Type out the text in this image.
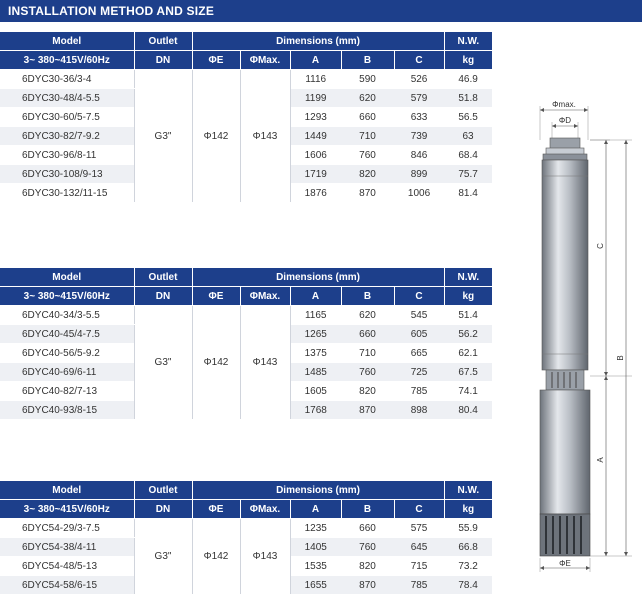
INSTALLATION METHOD AND SIZE
Model	Outlet	Dimensions (mm)					N.W.
3~ 380~415V/60Hz	DN	ΦE	ΦMax.	A	B	C	kg
6DYC30-36/3-4	G3"	Φ142	Φ143	1116	590	526	46.9
6DYC30-48/4-5.5				1199	620	579	51.8
6DYC30-60/5-7.5				1293	660	633	56.5
6DYC30-82/7-9.2				1449	710	739	63
6DYC30-96/8-11				1606	760	846	68.4
6DYC30-108/9-13				1719	820	899	75.7
6DYC30-132/11-15				1876	870	1006	81.4
Model	Outlet	Dimensions (mm)					N.W.
3~ 380~415V/60Hz	DN	ΦE	ΦMax.	A	B	C	kg
6DYC40-34/3-5.5	G3"	Φ142	Φ143	1165	620	545	51.4
6DYC40-45/4-7.5				1265	660	605	56.2
6DYC40-56/5-9.2				1375	710	665	62.1
6DYC40-69/6-11				1485	760	725	67.5
6DYC40-82/7-13				1605	820	785	74.1
6DYC40-93/8-15				1768	870	898	80.4
Model	Outlet	Dimensions (mm)					N.W.
3~ 380~415V/60Hz	DN	ΦE	ΦMax.	A	B	C	kg
6DYC54-29/3-7.5	G3"	Φ142	Φ143	1235	660	575	55.9
6DYC54-38/4-11				1405	760	645	66.8
6DYC54-48/5-13				1535	820	715	73.2
6DYC54-58/6-15				1655	870	785	78.4
Φmax.
ΦD
C
B
A
ΦE
